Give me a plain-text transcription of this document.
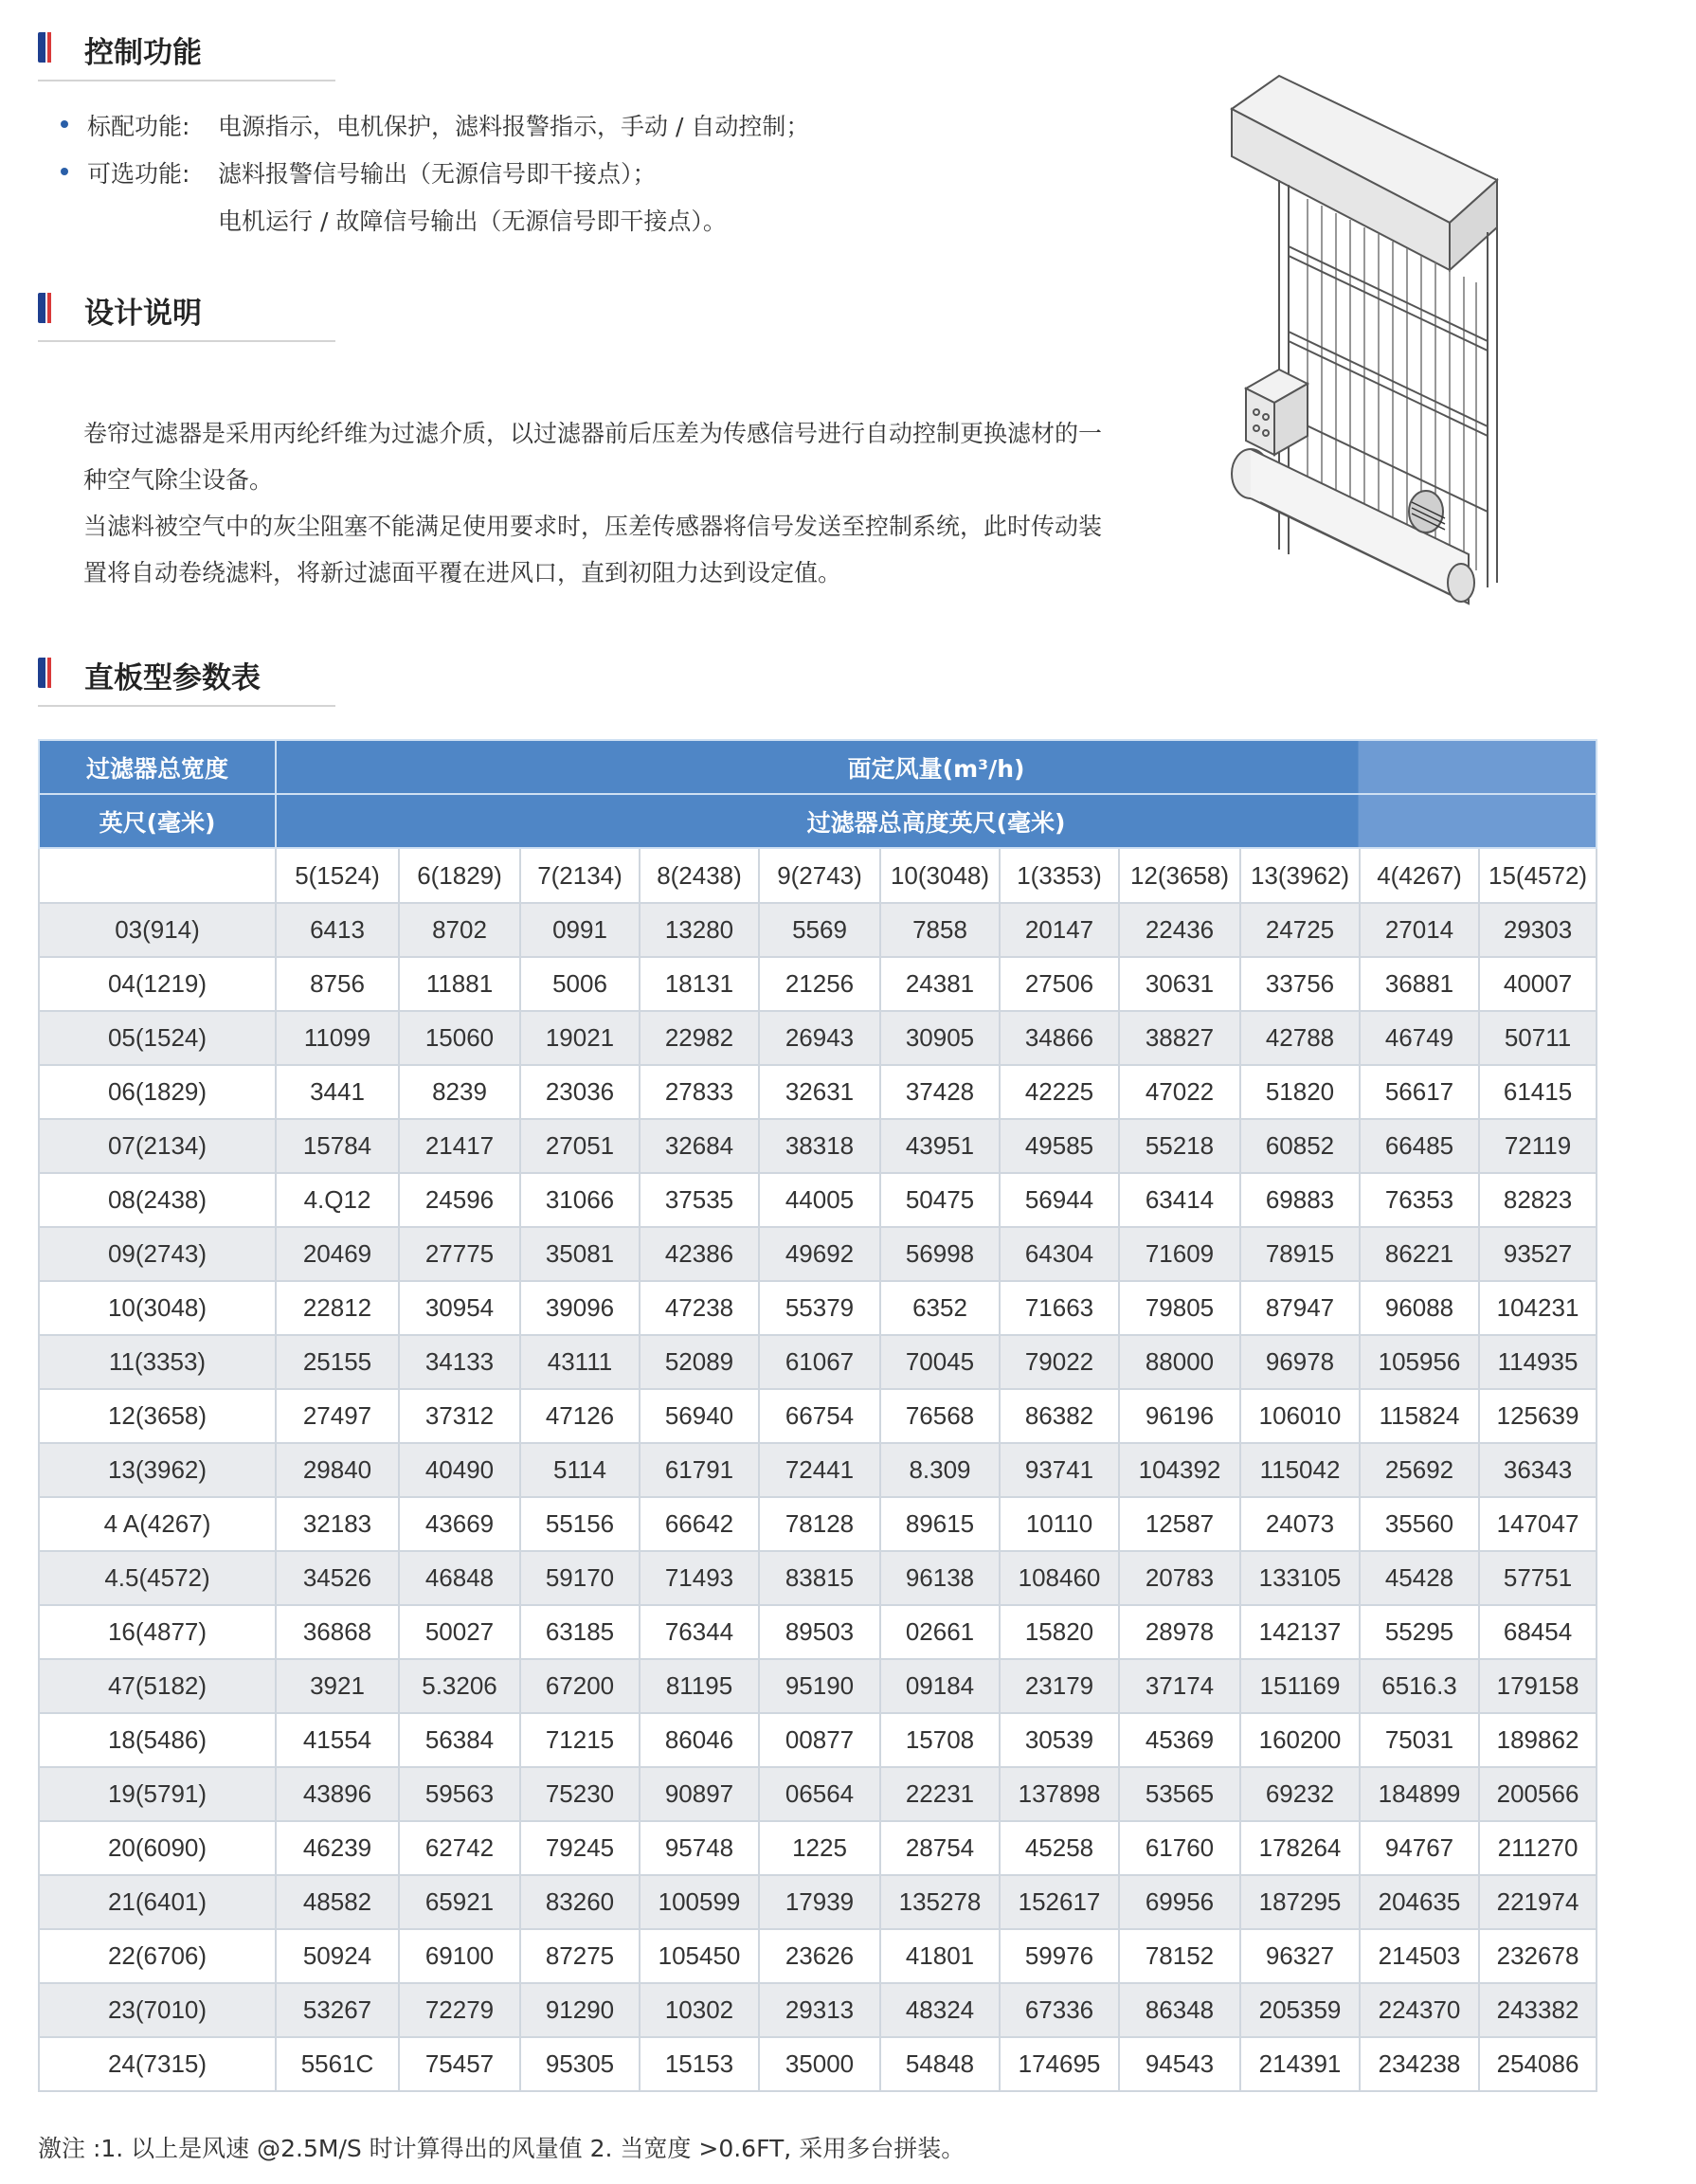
控制功能
标配功能: 电源指示，电机保护，滤料报警指示，手动 / 自动控制；
可选功能: 滤料报警信号输出（无源信号即干接点）；
电机运行 / 故障信号输出（无源信号即干接点）。
设计说明

卷帘过滤器是采用丙纶纤维为过滤介质，以过滤器前后压差为传感信号进行自动控制更换滤材的一

种空气除尘设备。

当滤料被空气中的灰尘阻塞不能满足使用要求时，压差传感器将信号发送至控制系统，此时传动装

置将自动卷绕滤料，将新过滤面平覆在进风口，直到初阻力达到设定值。

直板型参数表
过滤器总宽度	面定风量(m³/h)										
英尺(毫米)	过滤器总高度英尺(毫米)										
	5(1524)	6(1829)	7(2134)	8(2438)	9(2743)	10(3048)	1(3353)	12(3658)	13(3962)	4(4267)	15(4572)
03(914)	6413	8702	0991	13280	5569	7858	20147	22436	24725	27014	29303
04(1219)	8756	11881	5006	18131	21256	24381	27506	30631	33756	36881	40007
05(1524)	11099	15060	19021	22982	26943	30905	34866	38827	42788	46749	50711
06(1829)	3441	8239	23036	27833	32631	37428	42225	47022	51820	56617	61415
07(2134)	15784	21417	27051	32684	38318	43951	49585	55218	60852	66485	72119
08(2438)	4.Q12	24596	31066	37535	44005	50475	56944	63414	69883	76353	82823
09(2743)	20469	27775	35081	42386	49692	56998	64304	71609	78915	86221	93527
10(3048)	22812	30954	39096	47238	55379	6352	71663	79805	87947	96088	104231
11(3353)	25155	34133	43111	52089	61067	70045	79022	88000	96978	105956	114935
12(3658)	27497	37312	47126	56940	66754	76568	86382	96196	106010	115824	125639
13(3962)	29840	40490	5114	61791	72441	8.309	93741	104392	115042	25692	36343
4 A(4267)	32183	43669	55156	66642	78128	89615	10110	12587	24073	35560	147047
4.5(4572)	34526	46848	59170	71493	83815	96138	108460	20783	133105	45428	57751
16(4877)	36868	50027	63185	76344	89503	02661	15820	28978	142137	55295	68454
47(5182)	3921	5.3206	67200	81195	95190	09184	23179	37174	151169	6516.3	179158
18(5486)	41554	56384	71215	86046	00877	15708	30539	45369	160200	75031	189862
19(5791)	43896	59563	75230	90897	06564	22231	137898	53565	69232	184899	200566
20(6090)	46239	62742	79245	95748	1225	28754	45258	61760	178264	94767	211270
21(6401)	48582	65921	83260	100599	17939	135278	152617	69956	187295	204635	221974
22(6706)	50924	69100	87275	105450	23626	41801	59976	78152	96327	214503	232678
23(7010)	53267	72279	91290	10302	29313	48324	67336	86348	205359	224370	243382
24(7315)	5561C	75457	95305	15153	35000	54848	174695	94543	214391	234238	254086
激注 :1. 以上是风速 @2.5M/S 时计算得出的风量值 2. 当宽度 >0.6FT, 采用多台拼装。
